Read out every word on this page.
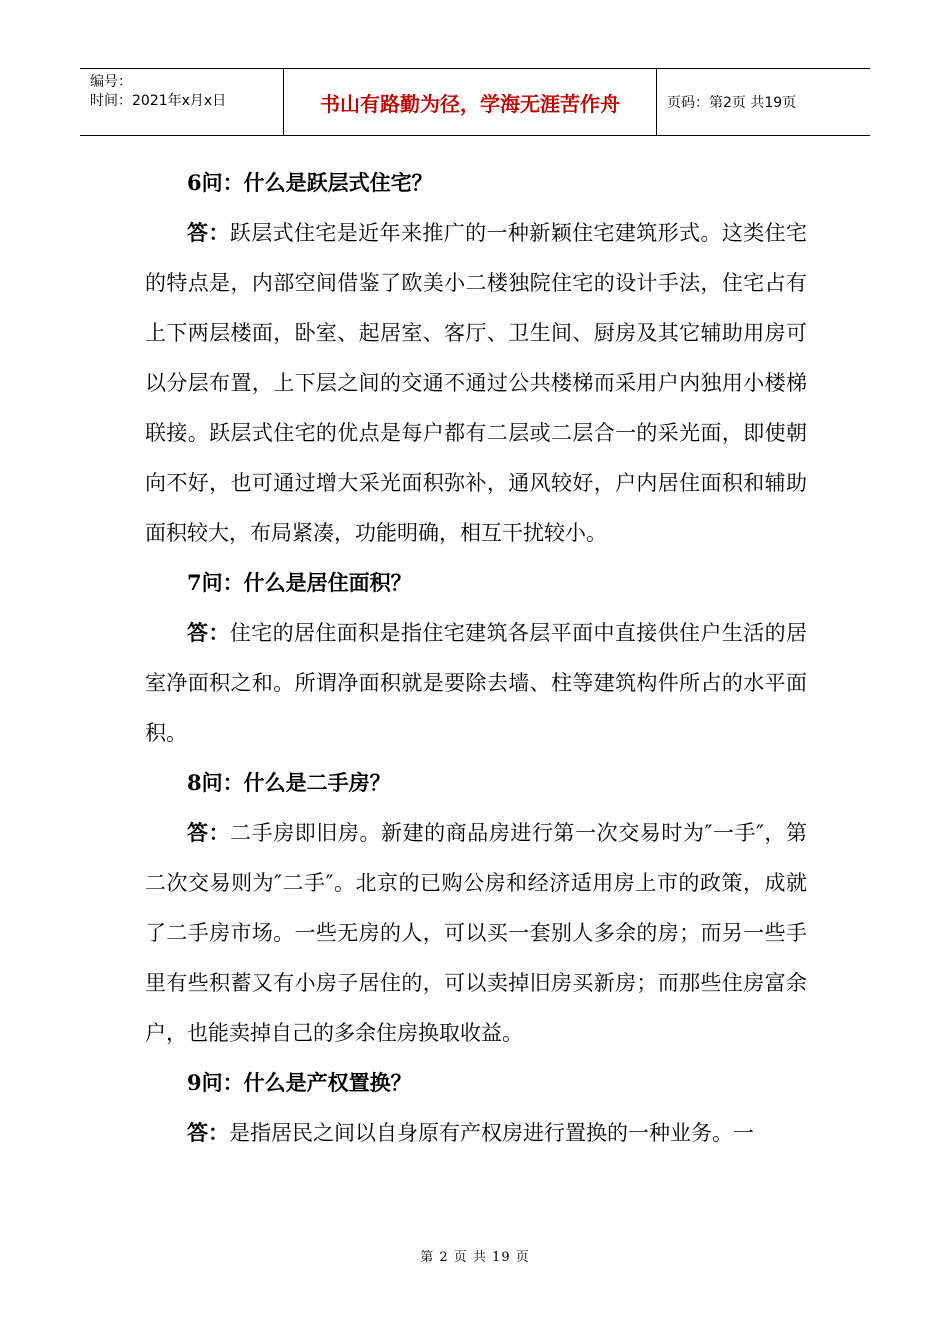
编号：
时间：2021年x月x日	书山有路勤为径，学海无涯苦作舟	页码：第2页 共19页

6问：什么是跃层式住宅？

答：跃层式住宅是近年来推广的一种新颖住宅建筑形式。这类住宅的特点是，内部空间借鉴了欧美小二楼独院住宅的设计手法，住宅占有上下两层楼面，卧室、起居室、客厅、卫生间、厨房及其它辅助用房可以分层布置，上下层之间的交通不通过公共楼梯而采用户内独用小楼梯联接。跃层式住宅的优点是每户都有二层或二层合一的采光面，即使朝向不好，也可通过增大采光面积弥补，通风较好，户内居住面积和辅助面积较大，布局紧凑，功能明确，相互干扰较小。

7问：什么是居住面积？

答：住宅的居住面积是指住宅建筑各层平面中直接供住户生活的居室净面积之和。所谓净面积就是要除去墙、柱等建筑构件所占的水平面积。

8问：什么是二手房？

答：二手房即旧房。新建的商品房进行第一次交易时为″一手″，第二次交易则为″二手″。北京的已购公房和经济适用房上市的政策，成就了二手房市场。一些无房的人，可以买一套别人多余的房；而另一些手里有些积蓄又有小房子居住的，可以卖掉旧房买新房；而那些住房富余户，也能卖掉自己的多余住房换取收益。

9问：什么是产权置换？

答：是指居民之间以自身原有产权房进行置换的一种业务。一

第 2 页 共 19 页
